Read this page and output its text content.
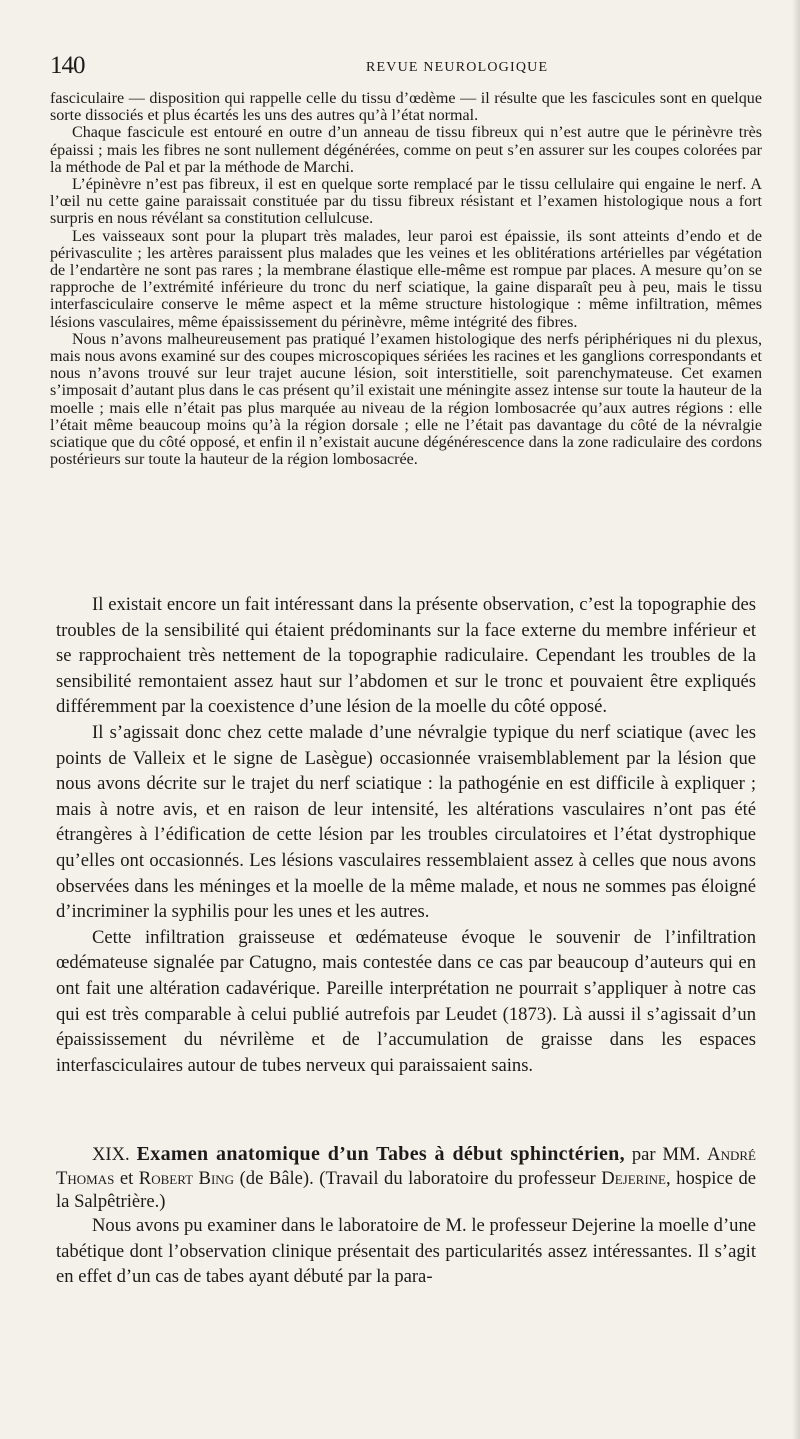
140	REVUE NEUROLOGIQUE

fasciculaire — disposition qui rappelle celle du tissu d’œdème — il résulte que les fascicules sont en quelque sorte dissociés et plus écartés les uns des autres qu’à l’état normal.

Chaque fascicule est entouré en outre d’un anneau de tissu fibreux qui n’est autre que le périnèvre très épaissi ; mais les fibres ne sont nullement dégénérées, comme on peut s’en assurer sur les coupes colorées par la méthode de Pal et par la méthode de Marchi.

L’épinèvre n’est pas fibreux, il est en quelque sorte remplacé par le tissu cellulaire qui engaine le nerf. A l’œil nu cette gaine paraissait constituée par du tissu fibreux résistant et l’examen histologique nous a fort surpris en nous révélant sa constitution cellulcuse.

Les vaisseaux sont pour la plupart très malades, leur paroi est épaissie, ils sont atteints d’endo et de périvasculite ; les artères paraissent plus malades que les veines et les oblitérations artérielles par végétation de l’endartère ne sont pas rares ; la membrane élastique elle-même est rompue par places. A mesure qu’on se rapproche de l’extrémité inférieure du tronc du nerf sciatique, la gaine disparaît peu à peu, mais le tissu interfasciculaire conserve le même aspect et la même structure histologique : même infiltration, mêmes lésions vasculaires, même épaississement du périnèvre, même intégrité des fibres.

Nous n’avons malheureusement pas pratiqué l’examen histologique des nerfs périphériques ni du plexus, mais nous avons examiné sur des coupes microscopiques sériées les racines et les ganglions correspondants et nous n’avons trouvé sur leur trajet aucune lésion, soit interstitielle, soit parenchymateuse. Cet examen s’imposait d’autant plus dans le cas présent qu’il existait une méningite assez intense sur toute la hauteur de la moelle ; mais elle n’était pas plus marquée au niveau de la région lombosacrée qu’aux autres régions : elle l’était même beaucoup moins qu’à la région dorsale ; elle ne l’était pas davantage du côté de la névralgie sciatique que du côté opposé, et enfin il n’existait aucune dégénérescence dans la zone radiculaire des cordons postérieurs sur toute la hauteur de la région lombosacrée.

Il existait encore un fait intéressant dans la présente observation, c’est la topographie des troubles de la sensibilité qui étaient prédominants sur la face externe du membre inférieur et se rapprochaient très nettement de la topographie radiculaire. Cependant les troubles de la sensibilité remontaient assez haut sur l’abdomen et sur le tronc et pouvaient être expliqués différemment par la coexistence d’une lésion de la moelle du côté opposé.

Il s’agissait donc chez cette malade d’une névralgie typique du nerf sciatique (avec les points de Valleix et le signe de Lasègue) occasionnée vraisemblablement par la lésion que nous avons décrite sur le trajet du nerf sciatique : la pathogénie en est difficile à expliquer ; mais à notre avis, et en raison de leur intensité, les altérations vasculaires n’ont pas été étrangères à l’édification de cette lésion par les troubles circulatoires et l’état dystrophique qu’elles ont occasionnés. Les lésions vasculaires ressemblaient assez à celles que nous avons observées dans les méninges et la moelle de la même malade, et nous ne sommes pas éloigné d’incriminer la syphilis pour les unes et les autres.

Cette infiltration graisseuse et œdémateuse évoque le souvenir de l’infiltration œdémateuse signalée par Catugno, mais contestée dans ce cas par beaucoup d’auteurs qui en ont fait une altération cadavérique. Pareille interprétation ne pourrait s’appliquer à notre cas qui est très comparable à celui publié autrefois par Leudet (1873). Là aussi il s’agissait d’un épaississement du névrilème et de l’accumulation de graisse dans les espaces interfasciculaires autour de tubes nerveux qui paraissaient sains.

XIX. Examen anatomique d’un Tabes à début sphinctérien, par MM. André Thomas et Robert Bing (de Bâle). (Travail du laboratoire du professeur Dejerine, hospice de la Salpêtrière.)

Nous avons pu examiner dans le laboratoire de M. le professeur Dejerine la moelle d’une tabétique dont l’observation clinique présentait des particularités assez intéressantes. Il s’agit en effet d’un cas de tabes ayant débuté par la para-
